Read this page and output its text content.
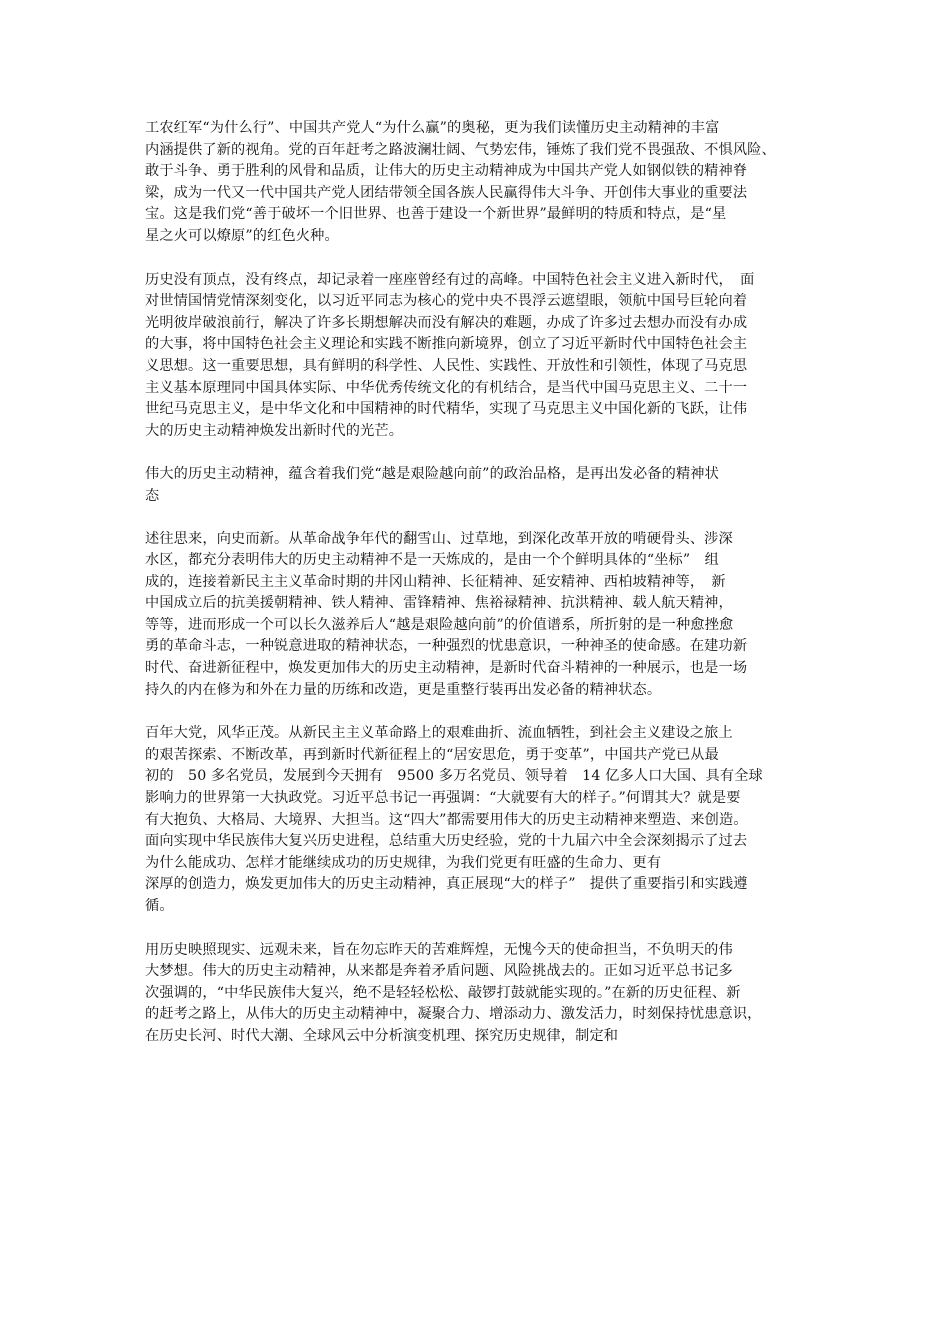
工农红军“为什么行”、中国共产党人“为什么赢”的奥秘，更为我们读懂历史主动精神的丰富
内涵提供了新的视角。党的百年赶考之路波澜壮阔、气势宏伟，锤炼了我们党不畏强敌、不惧风险、
敢于斗争、勇于胜利的风骨和品质，让伟大的历史主动精神成为中国共产党人如钢似铁的精神脊
梁，成为一代又一代中国共产党人团结带领全国各族人民赢得伟大斗争、开创伟大事业的重要法
宝。这是我们党“善于破坏一个旧世界、也善于建设一个新世界”最鲜明的特质和特点，是“星
星之火可以燎原”的红色火种。

历史没有顶点，没有终点，却记录着一座座曾经有过的高峰。中国特色社会主义进入新时代，　面
对世情国情党情深刻变化，以习近平同志为核心的党中央不畏浮云遮望眼，领航中国号巨轮向着
光明彼岸破浪前行，解决了许多长期想解决而没有解决的难题，办成了许多过去想办而没有办成
的大事，将中国特色社会主义理论和实践不断推向新境界，创立了习近平新时代中国特色社会主
义思想。这一重要思想，具有鲜明的科学性、人民性、实践性、开放性和引领性，体现了马克思
主义基本原理同中国具体实际、中华优秀传统文化的有机结合，是当代中国马克思主义、二十一
世纪马克思主义，是中华文化和中国精神的时代精华，实现了马克思主义中国化新的飞跃，让伟
大的历史主动精神焕发出新时代的光芒。

伟大的历史主动精神，蕴含着我们党“越是艰险越向前”的政治品格，是再出发必备的精神状
态

述往思来，向史而新。从革命战争年代的翻雪山、过草地，到深化改革开放的啃硬骨头、涉深
水区，都充分表明伟大的历史主动精神不是一天炼成的，是由一个个鲜明具体的“坐标”　组
成的，连接着新民主主义革命时期的井冈山精神、长征精神、延安精神、西柏坡精神等，　新
中国成立后的抗美援朝精神、铁人精神、雷锋精神、焦裕禄精神、抗洪精神、载人航天精神，
等等，进而形成一个可以长久滋养后人“越是艰险越向前”的价值谱系，所折射的是一种愈挫愈
勇的革命斗志，一种锐意进取的精神状态，一种强烈的忧患意识，一种神圣的使命感。在建功新
时代、奋进新征程中，焕发更加伟大的历史主动精神，是新时代奋斗精神的一种展示，也是一场
持久的内在修为和外在力量的历练和改造，更是重整行装再出发必备的精神状态。

百年大党，风华正茂。从新民主主义革命路上的艰难曲折、流血牺牲，到社会主义建设之旅上
的艰苦探索、不断改革，再到新时代新征程上的“居安思危，勇于变革”，中国共产党已从最
初的　50 多名党员，发展到今天拥有　9500 多万名党员、领导着　14 亿多人口大国、具有全球
影响力的世界第一大执政党。习近平总书记一再强调：“大就要有大的样子。”何谓其大？就是要
有大抱负、大格局、大境界、大担当。这“四大”都需要用伟大的历史主动精神来塑造、来创造。
面向实现中华民族伟大复兴历史进程，总结重大历史经验，党的十九届六中全会深刻揭示了过去
为什么能成功、怎样才能继续成功的历史规律，为我们党更有旺盛的生命力、更有
深厚的创造力，焕发更加伟大的历史主动精神，真正展现“大的样子”　提供了重要指引和实践遵
循。

用历史映照现实、远观未来，旨在勿忘昨天的苦难辉煌，无愧今天的使命担当，不负明天的伟
大梦想。伟大的历史主动精神，从来都是奔着矛盾问题、风险挑战去的。正如习近平总书记多
次强调的，“中华民族伟大复兴，绝不是轻轻松松、敲锣打鼓就能实现的。”在新的历史征程、新
的赶考之路上，从伟大的历史主动精神中，凝聚合力、增添动力、激发活力，时刻保持忧患意识，
在历史长河、时代大潮、全球风云中分析演变机理、探究历史规律，制定和
